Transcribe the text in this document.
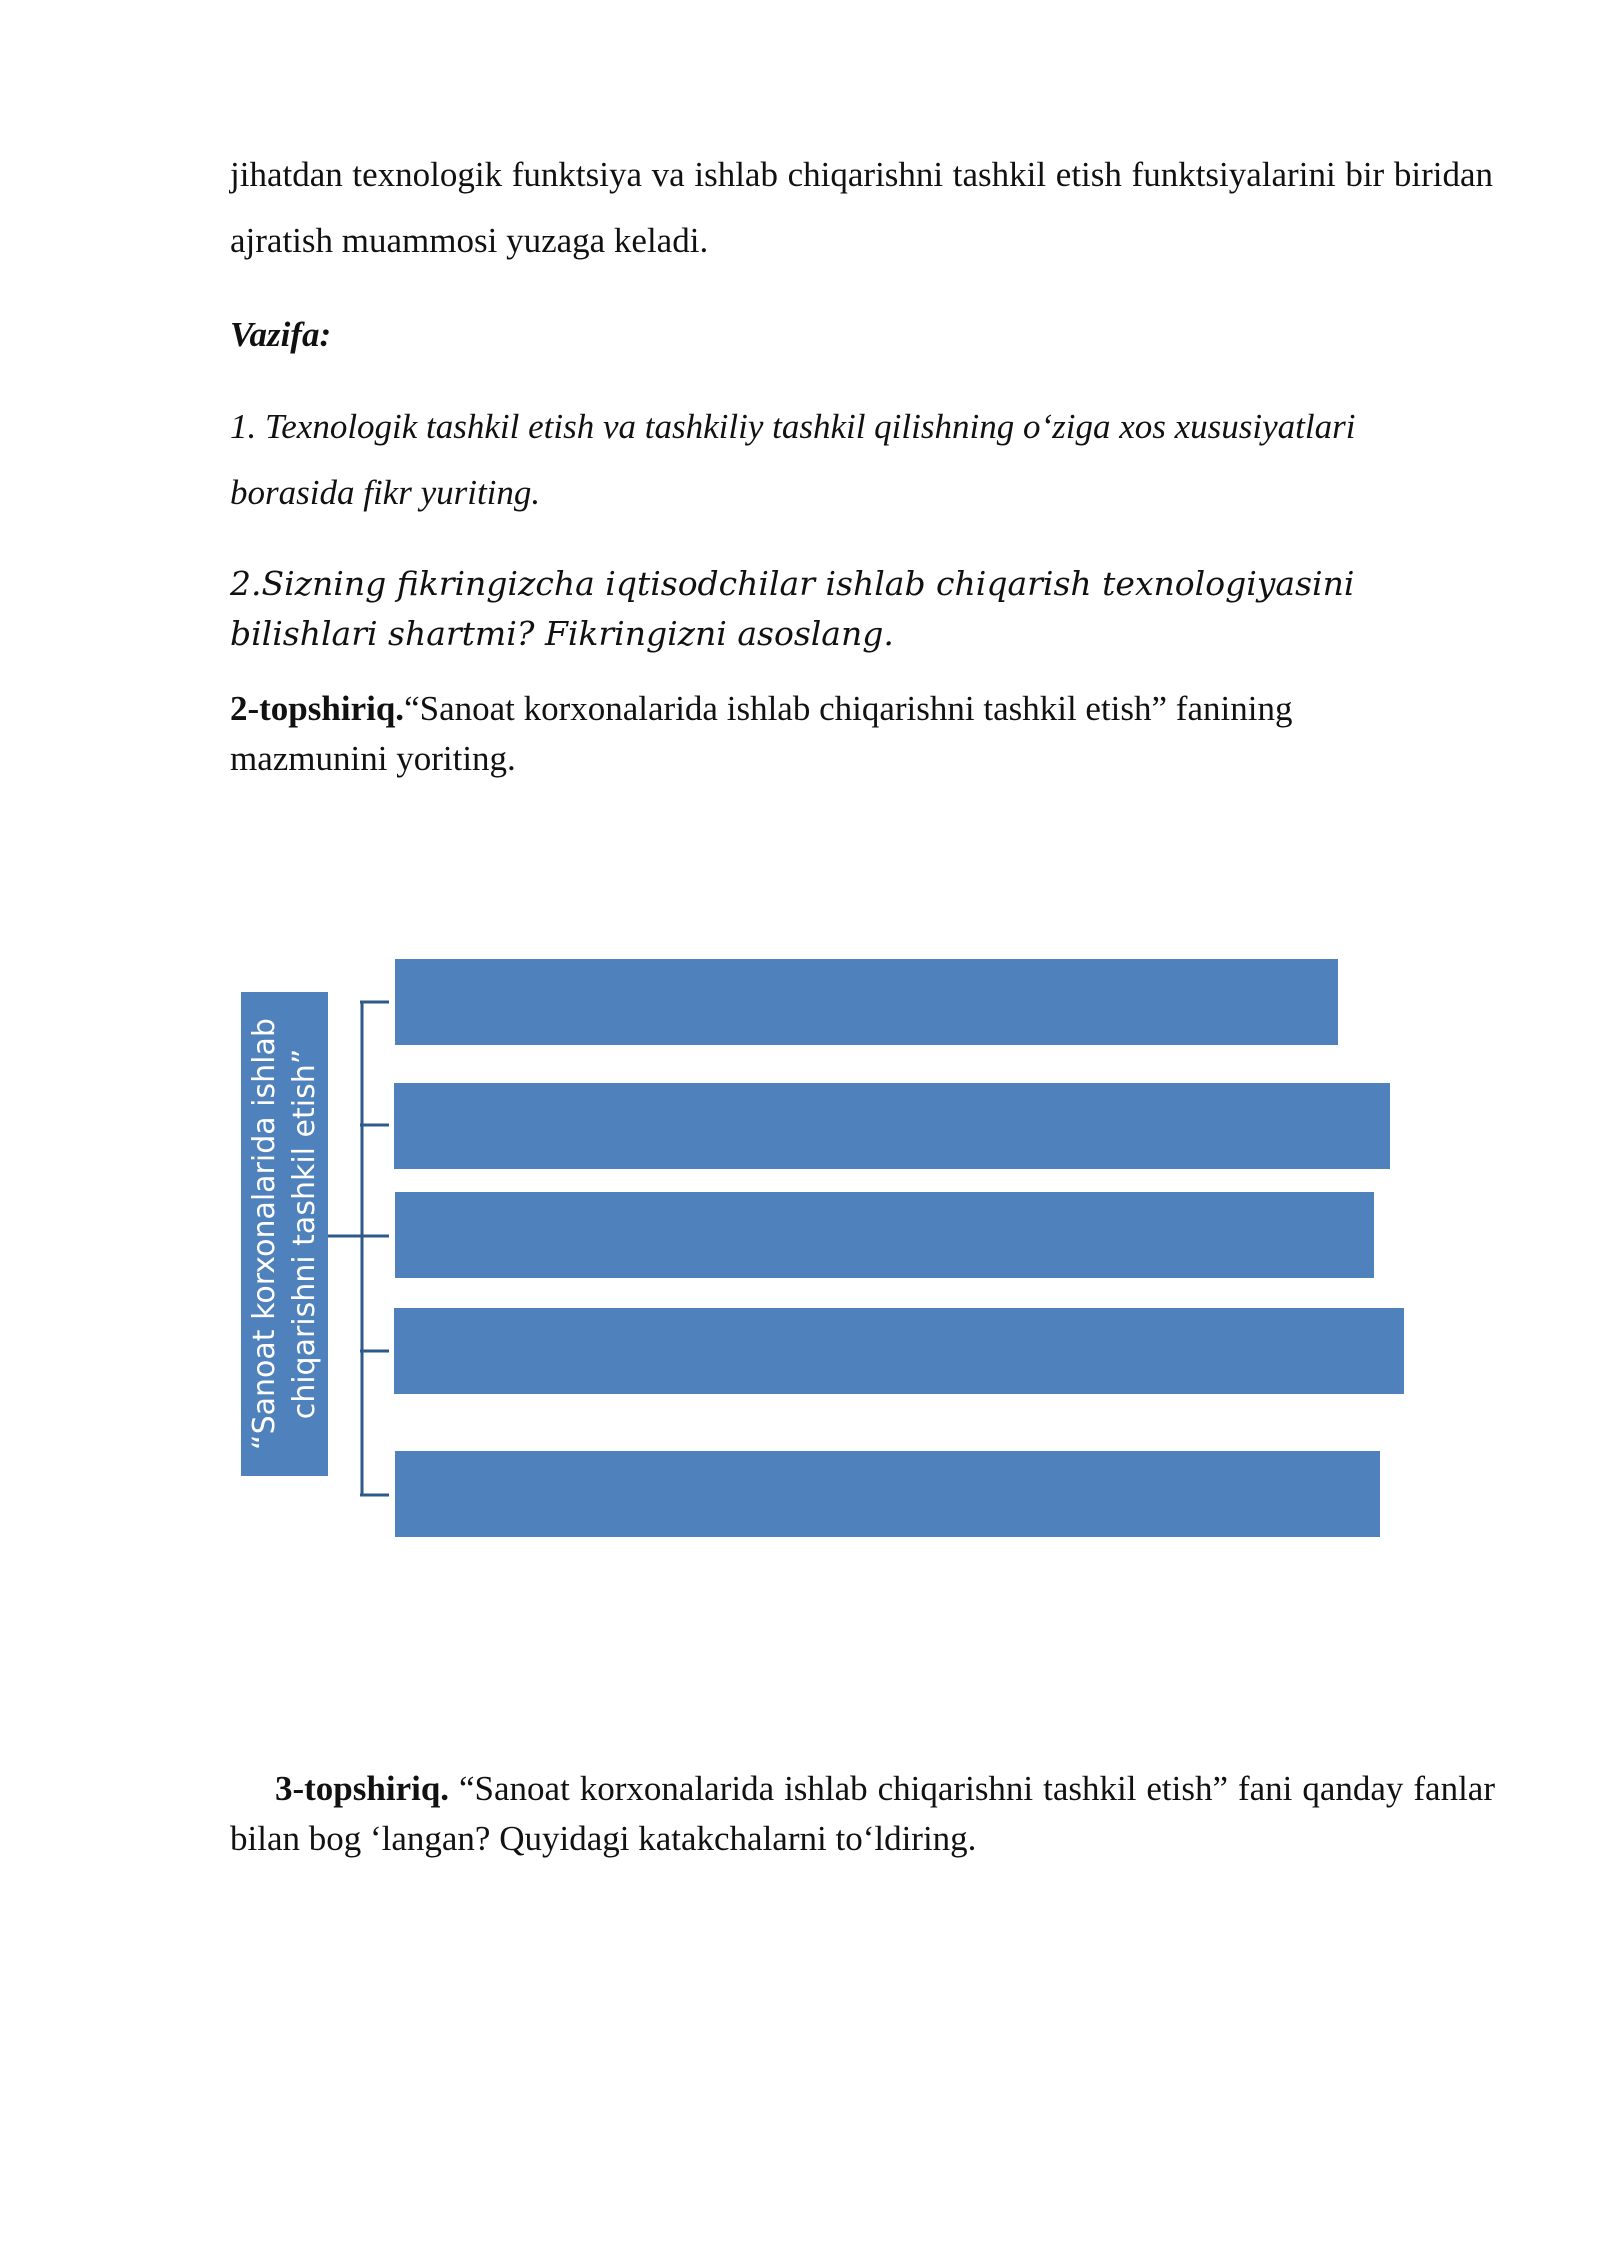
jihatdan texnologik funktsiya va ishlab chiqarishni tashkil etish funktsiyalarini bir biridan ajratish muammosi yuzaga keladi.

Vazifa:

1. Texnologik tashkil etish va tashkiliy tashkil qilishning o‘ziga xos xususiyatlari borasida fikr yuriting.

2.Sizning fikringizcha iqtisodchilar ishlab chiqarish texnologiyasini bilishlari shartmi? Fikringizni asoslang.

2-topshiriq.“Sanoat korxonalarida ishlab chiqarishni tashkil etish” fanining mazmunini yoriting.

“Sanoat korxonalarida ishlab chiqarishni tashkil etish”

3-topshiriq. “Sanoat korxonalarida ishlab chiqarishni tashkil etish” fani qanday fanlar bilan bog ‘langan? Quyidagi katakchalarni to‘ldiring.
